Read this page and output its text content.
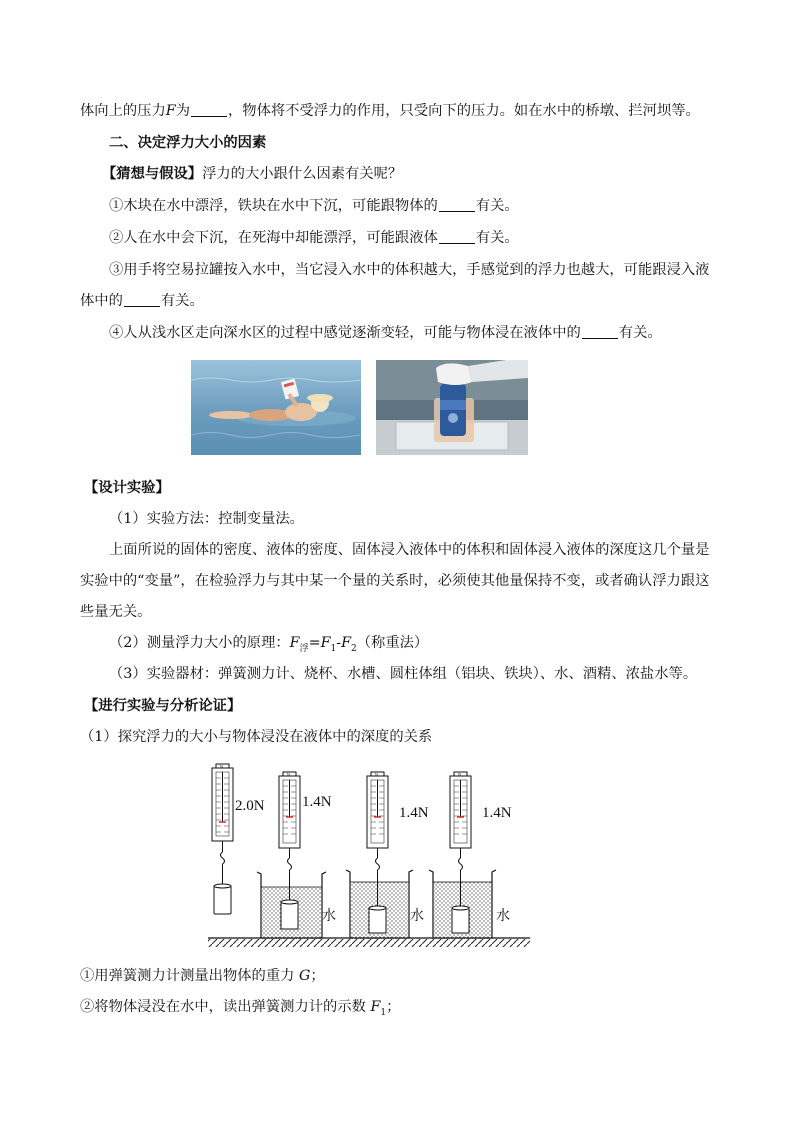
体向上的压力F为	，物体将不受浮力的作用，只受向下的压力。如在水中的桥墩、拦河坝等。
二、决定浮力大小的因素
【猜想与假设】浮力的大小跟什么因素有关呢？
①木块在水中漂浮，铁块在水中下沉，可能跟物体的	有关。
②人在水中会下沉，在死海中却能漂浮，可能跟液体	有关。
③用手将空易拉罐按入水中，当它浸入水中的体积越大，手感觉到的浮力也越大，可能跟浸入液
体中的	有关。
④人从浅水区走向深水区的过程中感觉逐渐变轻，可能与物体浸在液体中的	有关。
【设计实验】
（1）实验方法：控制变量法。
上面所说的固体的密度、液体的密度、固体浸入液体中的体积和固体浸入液体的深度这几个量是
实验中的“变量”，在检验浮力与其中某一个量的关系时，必须使其他量保持不变，或者确认浮力跟这
些量无关。
（2）测量浮力大小的原理：$F_浮=F_1-F_2$（称重法）
（3）实验器材：弹簧测力计、烧杯、水槽、圆柱体组（铝块、铁块）、水、酒精、浓盐水等。
【进行实验与分析论证】
（1）探究浮力的大小与物体浸没在液体中的深度的关系
2.0N
N
1.4N
N
水
1.4N
N
水
1.4N
N
水
①用弹簧测力计测量出物体的重力 G；
②将物体浸没在水中，读出弹簧测力计的示数 $F_1$；
